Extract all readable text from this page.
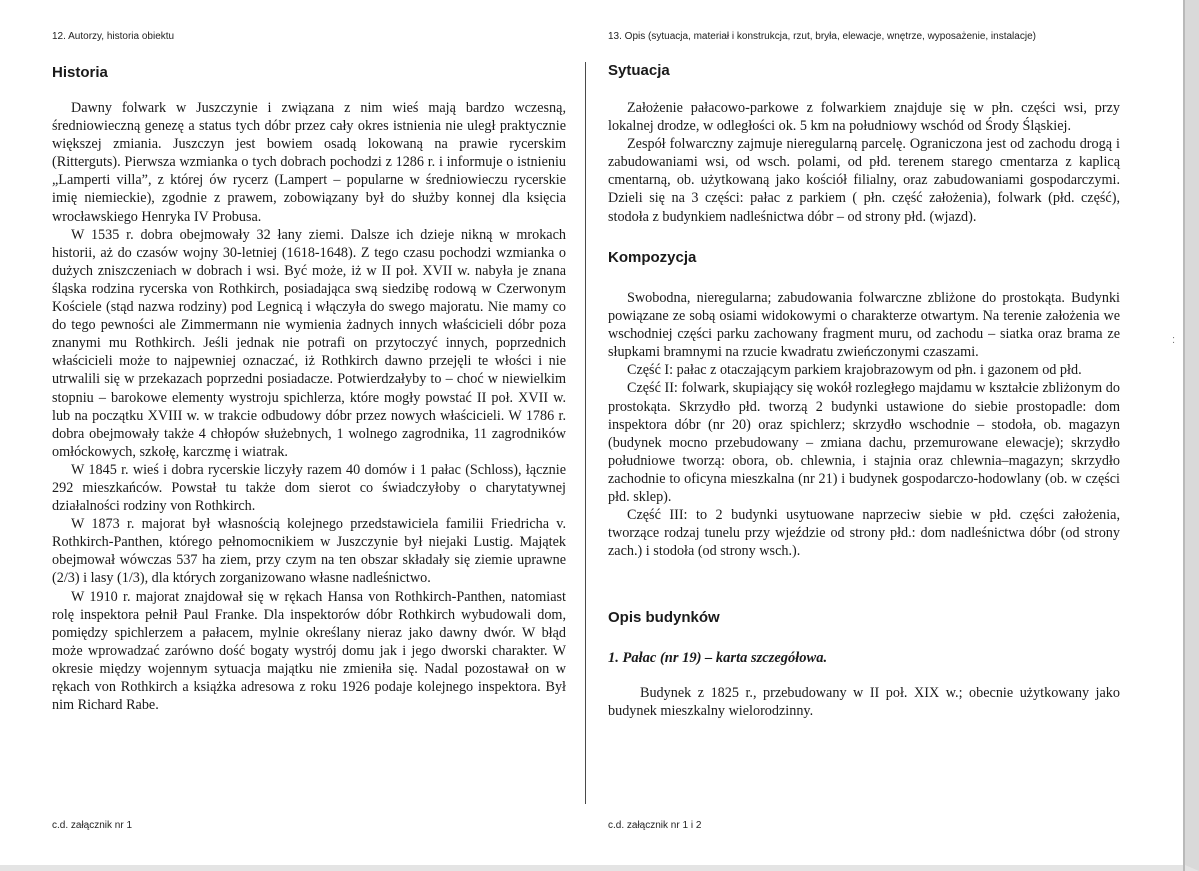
12. Autorzy, historia obiektu
Historia

Dawny folwark w Juszczynie i związana z nim wieś mają bardzo wczesną, średniowieczną genezę a status tych dóbr przez cały okres istnienia nie uległ praktycznie większej zmiania. Juszczyn jest bowiem osadą lokowaną na prawie rycerskim (Ritterguts). Pierwsza wzmianka o tych dobrach pochodzi z 1286 r. i informuje o istnieniu „Lamperti villa”, z której ów rycerz (Lampert – popularne w średniowieczu rycerskie imię niemieckie), zgodnie z prawem, zobowiązany był do służby konnej dla księcia wrocławskiego Henryka IV Probusa.

W 1535 r. dobra obejmowały 32 łany ziemi. Dalsze ich dzieje nikną w mrokach historii, aż do czasów wojny 30-letniej (1618-1648). Z tego czasu pochodzi wzmianka o dużych zniszczeniach w dobrach i wsi. Być może, iż w II poł. XVII w. nabyła je znana śląska rodzina rycerska von Rothkirch, posiadająca swą siedzibę rodową w Czerwonym Kościele (stąd nazwa rodziny) pod Legnicą i włączyła do swego majoratu. Nie mamy co do tego pewności ale Zimmermann nie wymienia żadnych innych właścicieli dóbr poza znanymi mu Rothkirch. Jeśli jednak nie potrafi on przytoczyć innych, poprzednich właścicieli może to najpewniej oznaczać, iż Rothkirch dawno przejęli te włości i nie utrwalili się w przekazach poprzedni posiadacze. Potwierdzałyby to – choć w niewielkim stopniu – barokowe elementy wystroju spichlerza, które mogły powstać II poł. XVII w. lub na początku XVIII w. w trakcie odbudowy dóbr przez nowych właścicieli. W 1786 r. dobra obejmowały także 4 chłopów służebnych, 1 wolnego zagrodnika, 11 zagrodników omłóckowych, szkołę, karczmę i wiatrak.

W 1845 r. wieś i dobra rycerskie liczyły razem 40 domów i 1 pałac (Schloss), łącznie 292 mieszkańców. Powstał tu także dom sierot co świadczyłoby o charytatywnej działalności rodziny von Rothkirch.

W 1873 r. majorat był własnością kolejnego przedstawiciela familii Friedricha v. Rothkirch-Panthen, którego pełnomocnikiem w Juszczynie był niejaki Lustig. Majątek obejmował wówczas 537 ha ziem, przy czym na ten obszar składały się ziemie uprawne (2/3) i lasy (1/3), dla których zorganizowano własne nadleśnictwo.

W 1910 r. majorat znajdował się w rękach Hansa von Rothkirch-Panthen, natomiast rolę inspektora pełnił Paul Franke. Dla inspektorów dóbr Rothkirch wybudowali dom, pomiędzy spichlerzem a pałacem, mylnie określany nieraz jako dawny dwór. W błąd może wprowadzać zarówno dość bogaty wystrój domu jak i jego dworski charakter. W okresie między wojennym sytuacja majątku nie zmieniła się. Nadal pozostawał on w rękach von Rothkirch a książka adresowa z roku 1926 podaje kolejnego inspektora. Był nim Richard Rabe.

c.d. załącznik nr 1
13. Opis (sytuacja, materiał i konstrukcja, rzut, bryła, elewacje, wnętrze, wyposażenie, instalacje)
Sytuacja

Założenie pałacowo-parkowe z folwarkiem znajduje się w płn. części wsi, przy lokalnej drodze, w odległości ok. 5 km na południowy wschód od Środy Śląskiej.

Zespół folwarczny zajmuje nieregularną parcelę. Ograniczona jest od zachodu drogą i zabudowaniami wsi, od wsch. polami, od płd. terenem starego cmentarza z kaplicą cmentarną, ob. użytkowaną jako kościół filialny, oraz zabudowaniami gospodarczymi. Dzieli się na 3 części: pałac z parkiem ( płn. część założenia), folwark (płd. część), stodoła z budynkiem nadleśnictwa dóbr – od strony płd. (wjazd).

Kompozycja

Swobodna, nieregularna; zabudowania folwarczne zbliżone do prostokąta. Budynki powiązane ze sobą osiami widokowymi o charakterze otwartym. Na terenie założenia we wschodniej części parku zachowany fragment muru, od zachodu – siatka oraz brama ze słupkami bramnymi na rzucie kwadratu zwieńczonymi czaszami.

Część I: pałac z otaczającym parkiem krajobrazowym od płn. i gazonem od płd.

Część II: folwark, skupiający się wokół rozległego majdamu w kształcie zbliżonym do prostokąta. Skrzydło płd. tworzą 2 budynki ustawione do siebie prostopadle: dom inspektora dóbr (nr 20) oraz spichlerz; skrzydło wschodnie – stodoła, ob. magazyn (budynek mocno przebudowany – zmiana dachu, przemurowane elewacje); skrzydło południowe tworzą: obora, ob. chlewnia, i stajnia oraz chlewnia–magazyn; skrzydło zachodnie to oficyna mieszkalna (nr 21) i budynek gospodarczo-hodowlany (ob. w części płd. sklep).

Część III: to 2 budynki usytuowane naprzeciw siebie w płd. części założenia, tworzące rodzaj tunelu przy wjeździe od strony płd.: dom nadleśnictwa dóbr (od strony zach.) i stodoła (od strony wsch.).

Opis budynków

1. Pałac (nr 19) – karta szczegółowa.

Budynek z 1825 r., przebudowany w II poł. XIX w.; obecnie użytkowany jako budynek mieszkalny wielorodzinny.

c.d. załącznik nr 1 i 2
:
